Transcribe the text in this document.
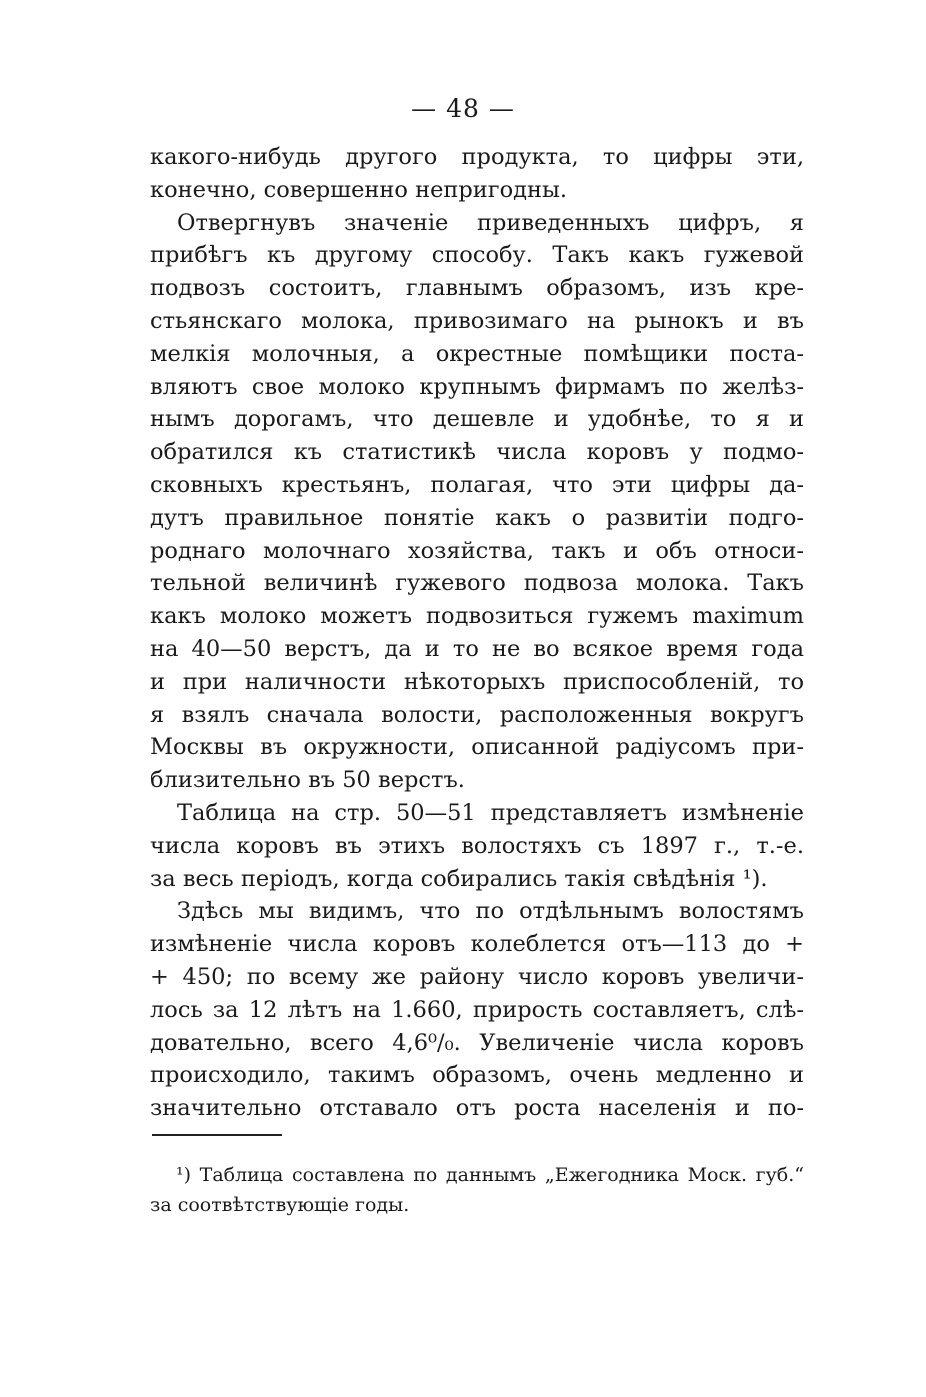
— 48 —
какого-нибудь другого продукта, то цифры эти,
конечно, совершенно непригодны.
Отвергнувъ значеніе приведенныхъ цифръ, я
прибѣгъ къ другому способу. Такъ какъ гужевой
подвозъ состоитъ, главнымъ образомъ, изъ кре-
стьянскаго молока, привозимаго на рынокъ и въ
мелкія молочныя, а окрестные помѣщики поста-
вляютъ свое молоко крупнымъ фирмамъ по желѣз-
нымъ дорогамъ, что дешевле и удобнѣе, то я и
обратился къ статистикѣ числа коровъ у подмо-
сковныхъ крестьянъ, полагая, что эти цифры да-
дутъ правильное понятіе какъ о развитіи подго-
роднаго молочнаго хозяйства, такъ и объ относи-
тельной величинѣ гужевого подвоза молока. Такъ
какъ молоко можетъ подвозиться гужемъ maximum
на 40—50 верстъ, да и то не во всякое время года
и при наличности нѣкоторыхъ приспособленій, то
я взялъ сначала волости, расположенныя вокругъ
Москвы въ окружности, описанной радіусомъ при-
близительно въ 50 верстъ.
Таблица на стр. 50—51 представляетъ измѣненіе
числа коровъ въ этихъ волостяхъ съ 1897 г., т.-е.
за весь періодъ, когда собирались такія свѣдѣнія ¹).
Здѣсь мы видимъ, что по отдѣльнымъ волостямъ
измѣненіе числа коровъ колеблется отъ—113 до +
+ 450; по всему же району число коровъ увеличи-
лось за 12 лѣтъ на 1.660, прирость составляетъ, слѣ-
довательно, всего 4,6⁰/₀. Увеличеніе числа коровъ
происходило, такимъ образомъ, очень медленно и
значительно отставало отъ роста населенія и по-
¹) Таблица составлена по даннымъ „Ежегодника Моск. губ.“
за соотвѣтствующіе годы.
